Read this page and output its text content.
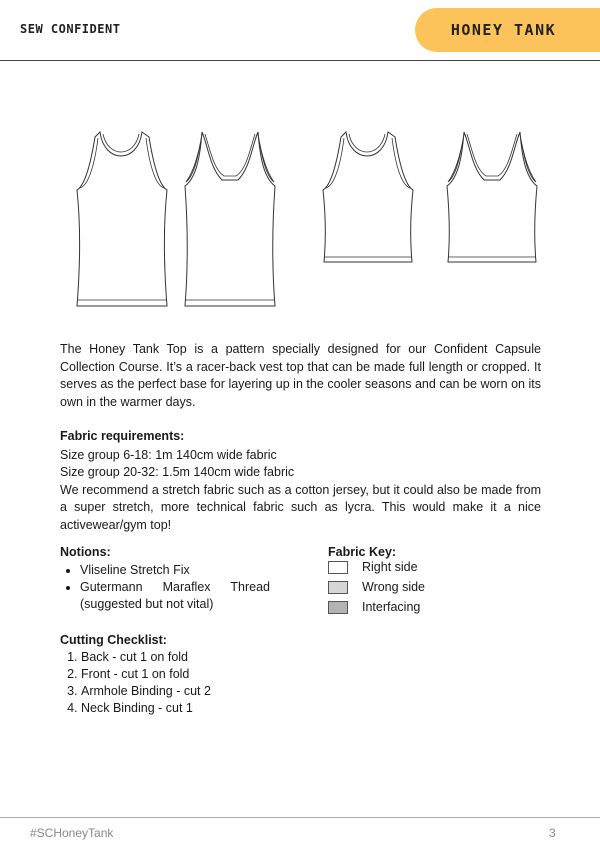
SEW CONFIDENT	HONEY TANK

The Honey Tank Top is a pattern specially designed for our Confident Capsule Collection Course. It’s a racer-back vest top that can be made full length or cropped. It serves as the perfect base for layering up in the cooler seasons and can be worn on its own in the warmer days.

Fabric requirements:

Size group 6-18: 1m 140cm wide fabric

Size group 20-32: 1.5m 140cm wide fabric

We recommend a stretch fabric such as a cotton jersey, but it could also be made from a super stretch, more technical fabric such as lycra. This would make it a nice activewear/gym top!

Notions:

• Vliseline Stretch Fix
• Gutermann Maraflex Thread (suggested but not vital)

Fabric Key:

Right side
Wrong side
Interfacing

Cutting Checklist:

1. Back - cut 1 on fold
2. Front - cut 1 on fold
3. Armhole Binding - cut 2
4. Neck Binding - cut 1
#SCHoneyTank	3
